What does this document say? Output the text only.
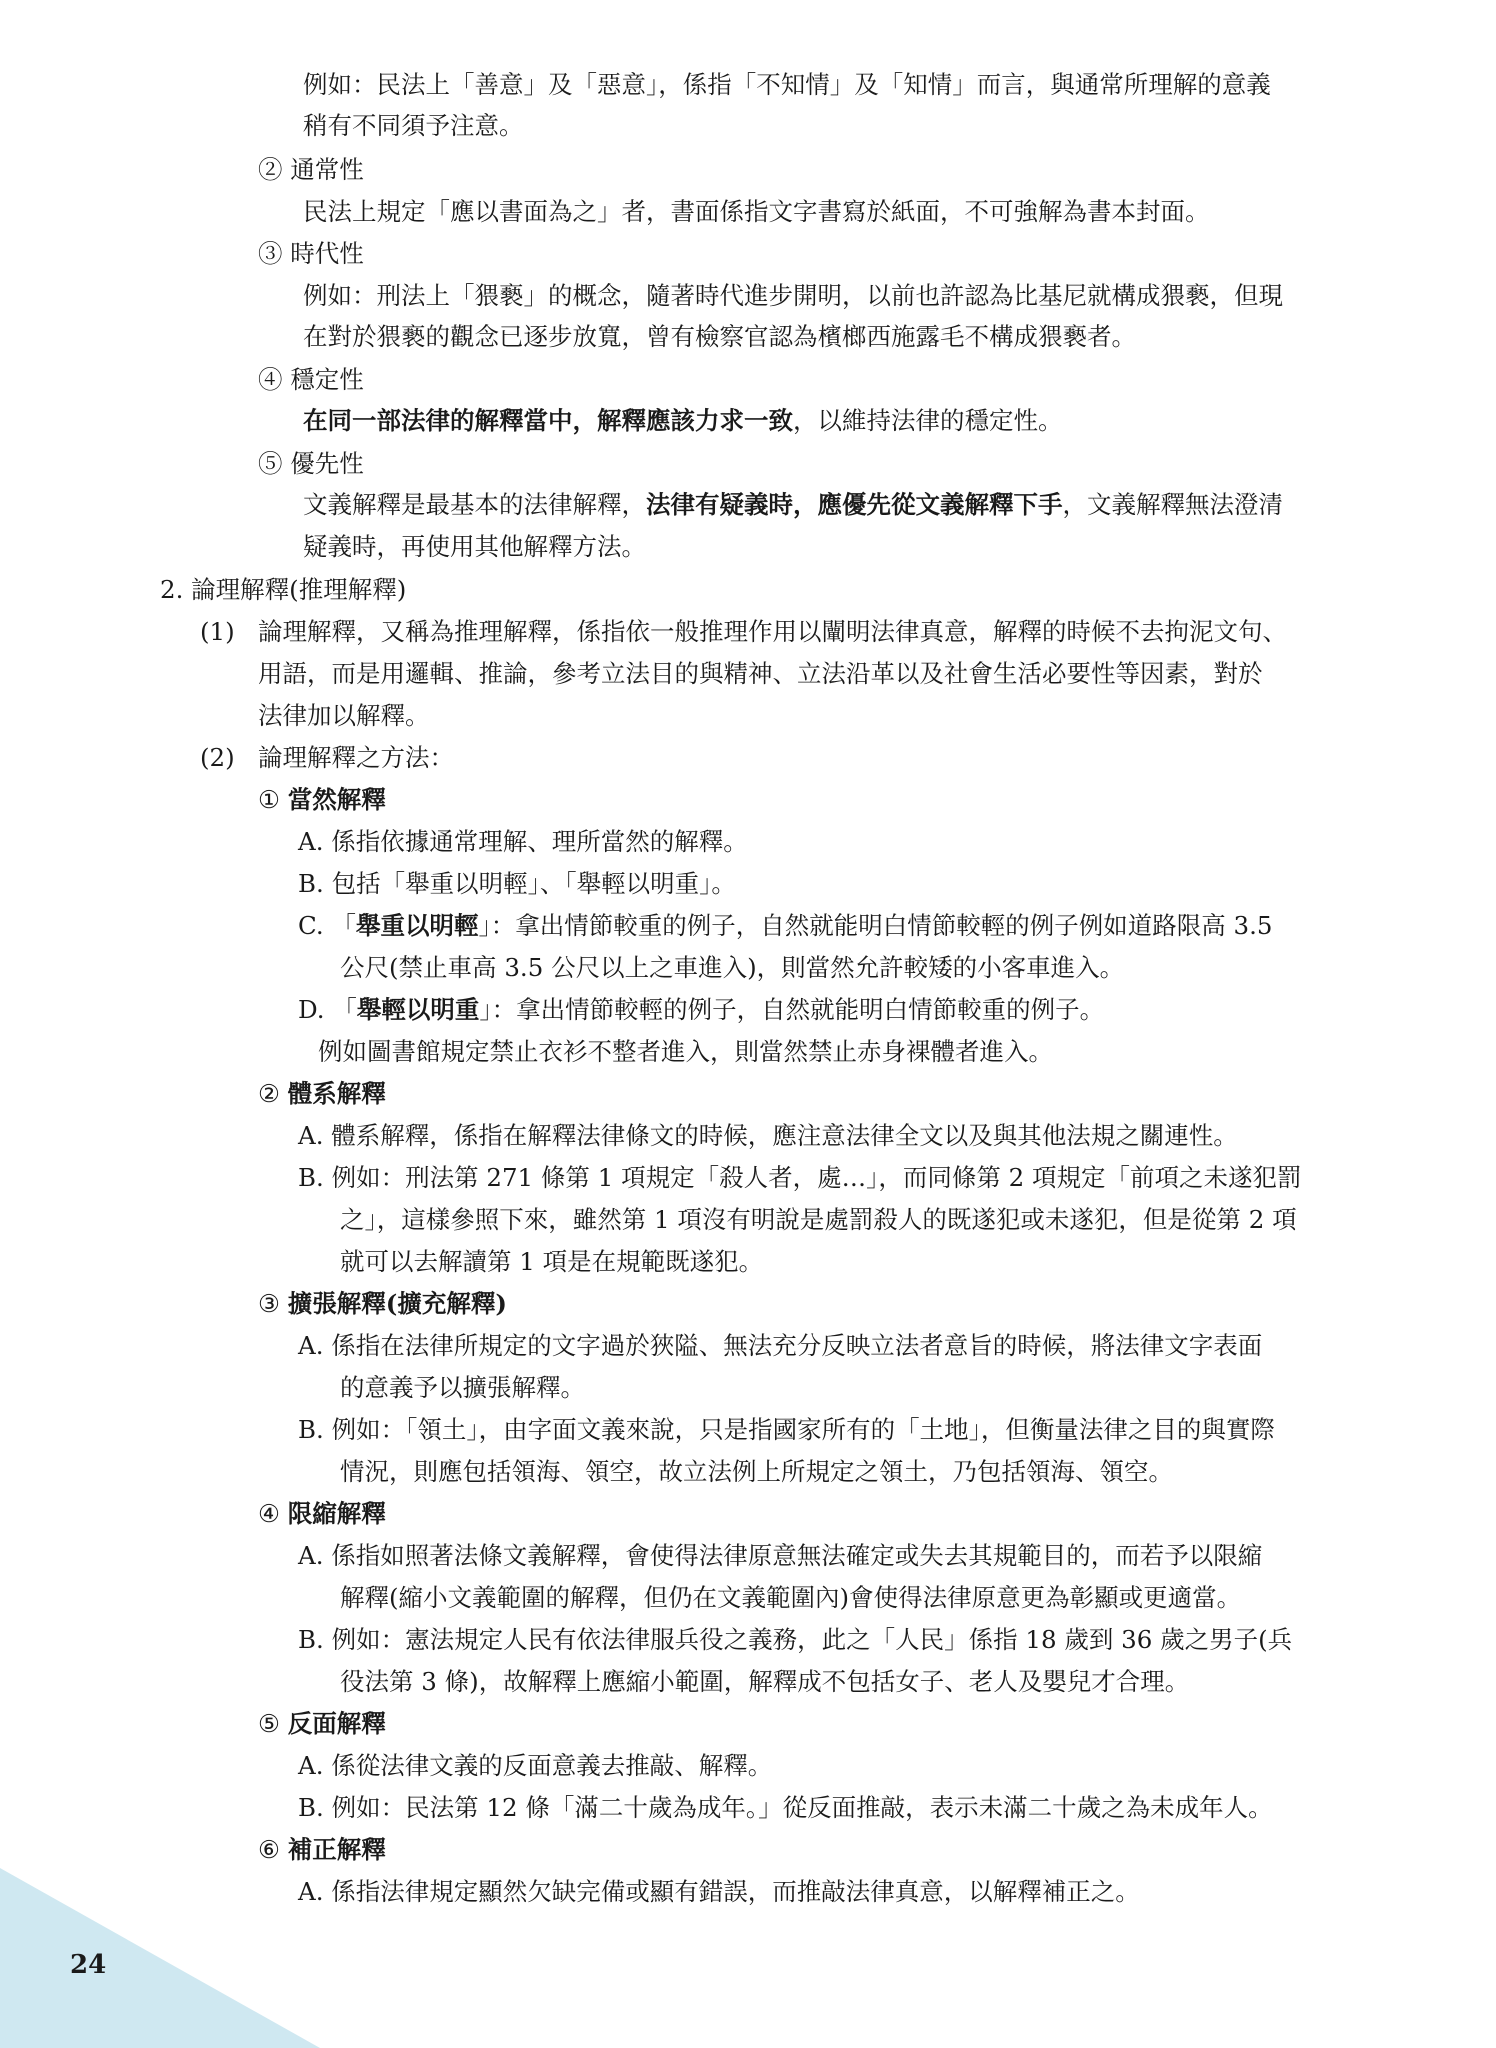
例如：民法上「善意」及「惡意」，係指「不知情」及「知情」而言，與通常所理解的意義
稍有不同須予注意。
② 通常性
民法上規定「應以書面為之」者，書面係指文字書寫於紙面，不可強解為書本封面。
③ 時代性
例如：刑法上「猥褻」的概念，隨著時代進步開明，以前也許認為比基尼就構成猥褻，但現
在對於猥褻的觀念已逐步放寬，曾有檢察官認為檳榔西施露毛不構成猥褻者。
④ 穩定性
在同一部法律的解釋當中，解釋應該力求一致，以維持法律的穩定性。
⑤ 優先性
文義解釋是最基本的法律解釋，法律有疑義時，應優先從文義解釋下手，文義解釋無法澄清
疑義時，再使用其他解釋方法。
2. 論理解釋(推理解釋)
(1) 論理解釋，又稱為推理解釋，係指依一般推理作用以闡明法律真意，解釋的時候不去拘泥文句、
用語，而是用邏輯、推論，參考立法目的與精神、立法沿革以及社會生活必要性等因素，對於
法律加以解釋。
(2) 論理解釋之方法：
① 當然解釋
A. 係指依據通常理解、理所當然的解釋。
B. 包括「舉重以明輕」、「舉輕以明重」。
C. 「舉重以明輕」：拿出情節較重的例子，自然就能明白情節較輕的例子例如道路限高 3.5
公尺(禁止車高 3.5 公尺以上之車進入)，則當然允許較矮的小客車進入。
D. 「舉輕以明重」：拿出情節較輕的例子，自然就能明白情節較重的例子。
例如圖書館規定禁止衣衫不整者進入，則當然禁止赤身裸體者進入。
② 體系解釋
A. 體系解釋，係指在解釋法律條文的時候，應注意法律全文以及與其他法規之關連性。
B. 例如：刑法第 271 條第 1 項規定「殺人者，處…」，而同條第 2 項規定「前項之未遂犯罰
之」，這樣參照下來，雖然第 1 項沒有明說是處罰殺人的既遂犯或未遂犯，但是從第 2 項
就可以去解讀第 1 項是在規範既遂犯。
③ 擴張解釋(擴充解釋)
A. 係指在法律所規定的文字過於狹隘、無法充分反映立法者意旨的時候，將法律文字表面
的意義予以擴張解釋。
B. 例如：「領土」，由字面文義來說，只是指國家所有的「土地」，但衡量法律之目的與實際
情況，則應包括領海、領空，故立法例上所規定之領土，乃包括領海、領空。
④ 限縮解釋
A. 係指如照著法條文義解釋，會使得法律原意無法確定或失去其規範目的，而若予以限縮
解釋(縮小文義範圍的解釋，但仍在文義範圍內)會使得法律原意更為彰顯或更適當。
B. 例如：憲法規定人民有依法律服兵役之義務，此之「人民」係指 18 歲到 36 歲之男子(兵
役法第 3 條)，故解釋上應縮小範圍，解釋成不包括女子、老人及嬰兒才合理。
⑤ 反面解釋
A. 係從法律文義的反面意義去推敲、解釋。
B. 例如：民法第 12 條「滿二十歲為成年。」從反面推敲，表示未滿二十歲之為未成年人。
⑥ 補正解釋
A. 係指法律規定顯然欠缺完備或顯有錯誤，而推敲法律真意，以解釋補正之。
24
